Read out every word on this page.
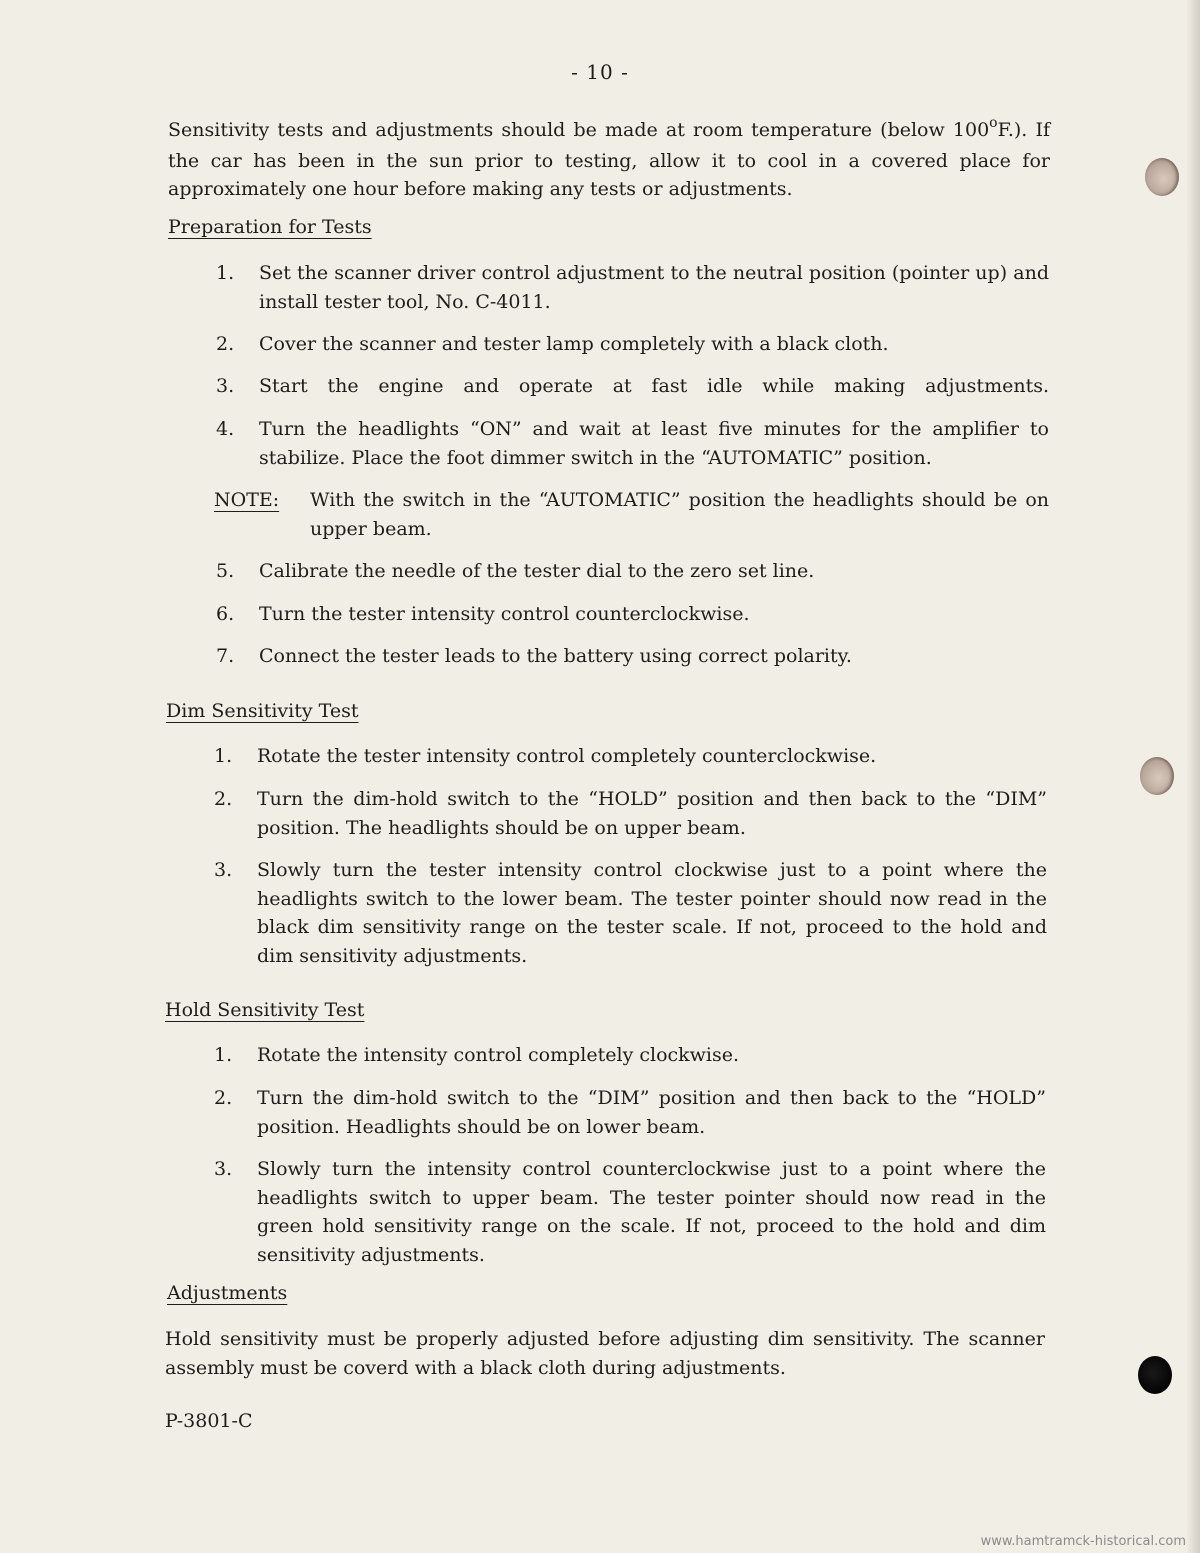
- 10 -
Sensitivity tests and adjustments should be made at room temperature (below 100$^o$F.). If the car has been in the sun prior to testing, allow it to cool in a covered place for approximately one hour before making any tests or adjustments.
Preparation for Tests
1. Set the scanner driver control adjustment to the neutral position (pointer up) and install tester tool, No. C-4011.
2. Cover the scanner and tester lamp completely with a black cloth.
3. Start the engine and operate at fast idle while making adjustments.
4. Turn the headlights “ON” and wait at least five minutes for the amplifier to stabilize. Place the foot dimmer switch in the “AUTOMATIC” position.
NOTE: With the switch in the “AUTOMATIC” position the headlights should be on upper beam.
5. Calibrate the needle of the tester dial to the zero set line.
6. Turn the tester intensity control counterclockwise.
7. Connect the tester leads to the battery using correct polarity.
Dim Sensitivity Test
1. Rotate the tester intensity control completely counterclockwise.
2. Turn the dim-hold switch to the “HOLD” position and then back to the “DIM” position. The headlights should be on upper beam.
3. Slowly turn the tester intensity control clockwise just to a point where the headlights switch to the lower beam. The tester pointer should now read in the black dim sensitivity range on the tester scale. If not, proceed to the hold and dim sensitivity adjustments.
Hold Sensitivity Test
1. Rotate the intensity control completely clockwise.
2. Turn the dim-hold switch to the “DIM” position and then back to the “HOLD” position. Headlights should be on lower beam.
3. Slowly turn the intensity control counterclockwise just to a point where the headlights switch to upper beam. The tester pointer should now read in the green hold sensitivity range on the scale. If not, proceed to the hold and dim sensitivity adjustments.
Adjustments
Hold sensitivity must be properly adjusted before adjusting dim sensitivity. The scanner assembly must be coverd with a black cloth during adjustments.
P-3801-C
www.hamtramck-historical.com
